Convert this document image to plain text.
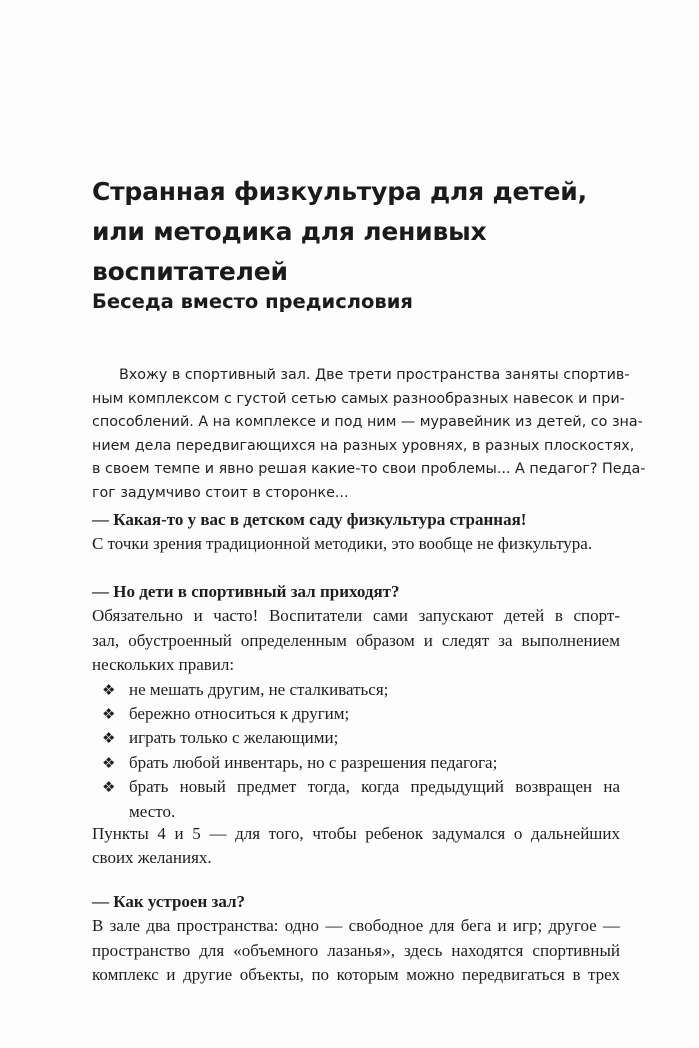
Странная физкультура для детей,
или методика для ленивых воспитателей
Беседа вместо предисловия
Вхожу в спортивный зал. Две трети пространства заняты спортив-
ным комплексом с густой сетью самых разнообразных навесок и при-
способлений. А на комплексе и под ним — муравейник из детей, со зна-
нием дела передвигающихся на разных уровнях, в разных плоскостях,
в своем темпе и явно решая какие-то свои проблемы... А педагог? Педа-
гог задумчиво стоит в сторонке...
— Какая-то у вас в детском саду физкультура странная!
С точки зрения традиционной методики, это вообще не физкультура.
— Но дети в спортивный зал приходят?
Обязательно и часто! Воспитатели сами запускают детей в спорт-
зал, обустроенный определенным образом и следят за выполнением
нескольких правил:
❖ не мешать другим, не сталкиваться;
❖ бережно относиться к другим;
❖ играть только с желающими;
❖ брать любой инвентарь, но с разрешения педагога;
❖ брать новый предмет тогда, когда предыдущий возвращен на
место.
Пункты 4 и 5 — для того, чтобы ребенок задумался о дальнейших
своих желаниях.
— Как устроен зал?
В зале два пространства: одно — свободное для бега и игр; другое —
пространство для «объемного лазанья», здесь находятся спортивный
комплекс и другие объекты, по которым можно передвигаться в трех
